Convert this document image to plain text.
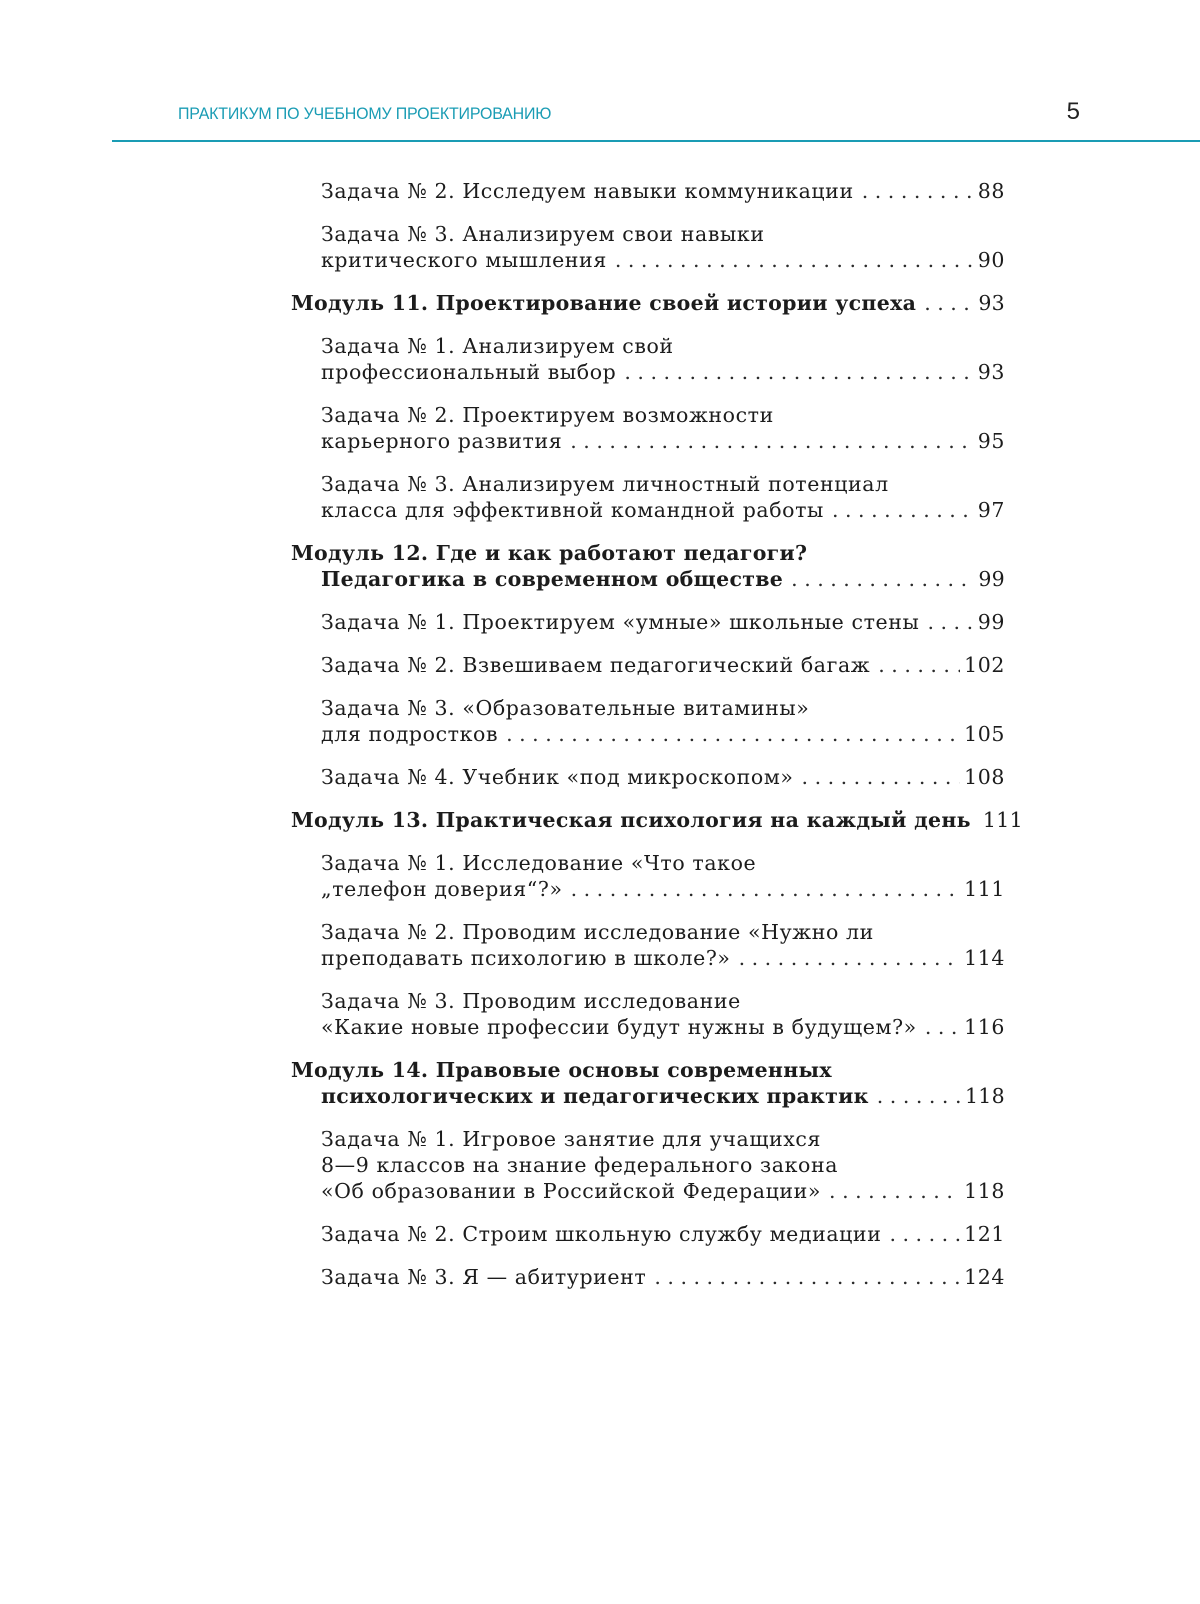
ПРАКТИКУМ ПО УЧЕБНОМУ ПРОЕКТИРОВАНИЮ	5
Задача № 2. Исследуем навыки коммуникации . . .	88
Задача № 3. Анализируем свои навыки
критического мышления . . .	90
Модуль 11. Проектирование своей истории успеха . . .	93
Задача № 1. Анализируем свой
профессиональный выбор . . .	93
Задача № 2. Проектируем возможности
карьерного развития . . .	95
Задача № 3. Анализируем личностный потенциал
класса для эффективной командной работы . . .	97
Модуль 12. Где и как работают педагоги?
Педагогика в современном обществе . . .	99
Задача № 1. Проектируем «умные» школьные стены . . .	99
Задача № 2. Взвешиваем педагогический багаж . . .	102
Задача № 3. «Образовательные витамины»
для подростков . . .	105
Задача № 4. Учебник «под микроскопом» . . .	108
Модуль 13. Практическая психология на каждый день 111
Задача № 1. Исследование «Что такое
„телефон доверия“?» . . .	111
Задача № 2. Проводим исследование «Нужно ли
преподавать психологию в школе?» . . .	114
Задача № 3. Проводим исследование
«Какие новые профессии будут нужны в будущем?» . . . 116
Модуль 14. Правовые основы современных
психологических и педагогических практик . . .	118
Задача № 1. Игровое занятие для учащихся
8—9 классов на знание федерального закона
«Об образовании в Российской Федерации» . . .	118
Задача № 2. Строим школьную службу медиации . . .	121
Задача № 3. Я — абитуриент . . .	124
